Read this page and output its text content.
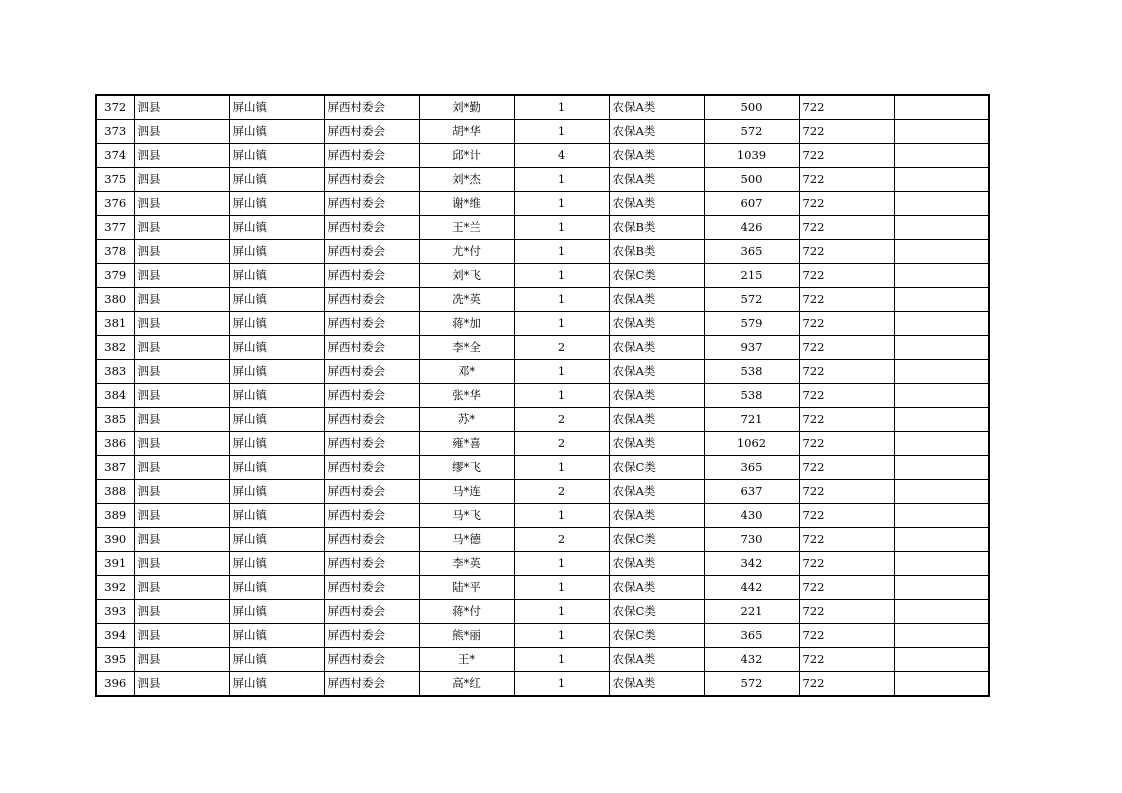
372	泗县	屏山镇	屏西村委会	刘*勤	1	农保A类	500	722	
373	泗县	屏山镇	屏西村委会	胡*华	1	农保A类	572	722	
374	泗县	屏山镇	屏西村委会	邱*计	4	农保A类	1039	722	
375	泗县	屏山镇	屏西村委会	刘*杰	1	农保A类	500	722	
376	泗县	屏山镇	屏西村委会	谢*维	1	农保A类	607	722	
377	泗县	屏山镇	屏西村委会	王*兰	1	农保B类	426	722	
378	泗县	屏山镇	屏西村委会	尤*付	1	农保B类	365	722	
379	泗县	屏山镇	屏西村委会	刘*飞	1	农保C类	215	722	
380	泗县	屏山镇	屏西村委会	冼*英	1	农保A类	572	722	
381	泗县	屏山镇	屏西村委会	蒋*加	1	农保A类	579	722	
382	泗县	屏山镇	屏西村委会	李*全	2	农保A类	937	722	
383	泗县	屏山镇	屏西村委会	邓*	1	农保A类	538	722	
384	泗县	屏山镇	屏西村委会	张*华	1	农保A类	538	722	
385	泗县	屏山镇	屏西村委会	苏*	2	农保A类	721	722	
386	泗县	屏山镇	屏西村委会	雍*喜	2	农保A类	1062	722	
387	泗县	屏山镇	屏西村委会	缪*飞	1	农保C类	365	722	
388	泗县	屏山镇	屏西村委会	马*连	2	农保A类	637	722	
389	泗县	屏山镇	屏西村委会	马*飞	1	农保A类	430	722	
390	泗县	屏山镇	屏西村委会	马*德	2	农保C类	730	722	
391	泗县	屏山镇	屏西村委会	李*英	1	农保A类	342	722	
392	泗县	屏山镇	屏西村委会	陆*平	1	农保A类	442	722	
393	泗县	屏山镇	屏西村委会	蒋*付	1	农保C类	221	722	
394	泗县	屏山镇	屏西村委会	熊*丽	1	农保C类	365	722	
395	泗县	屏山镇	屏西村委会	王*	1	农保A类	432	722	
396	泗县	屏山镇	屏西村委会	高*红	1	农保A类	572	722	
